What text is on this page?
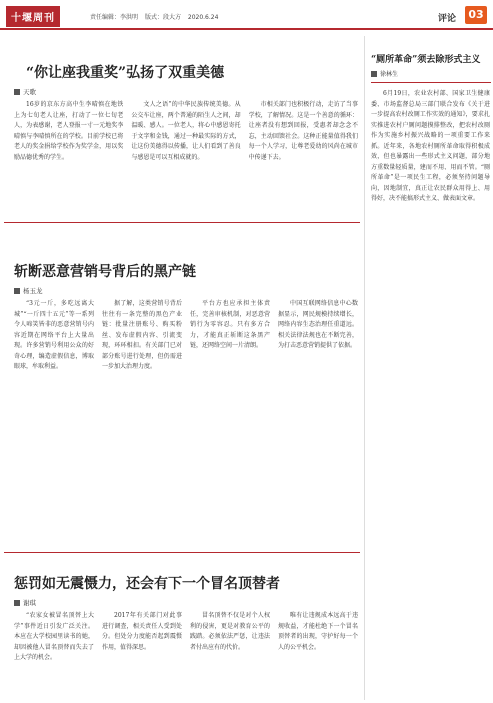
十堰周刊	责任编辑：李洪明 版式：段大方 2020.6.24	评论	03
“你让座我重奖”弘扬了双重美德
天歌

16岁的京东方高中生李晴慎在地铁上为七旬老人让座，打动了一位七旬老人，为表感谢，老人登报一寸一元地奖李晴慎与李晴慎所在的学校。目前学校已将老人的奖金捐给学校作为奖学金，用以奖励品德优秀的学生。

文人之语”的中华民族传统美德。从公交车让座，两个普通的陌生人之间，却温暖、感人。一位老人，将心中感恩寄托于文字和金钱，通过一种最实际的方式，让这份美德得以传播，让人们看到了善良与感恩是可以互相成就的。

市相关部门也积极行动，走访了当事学校，了解情况。这是一个善意的循环：让座者没有想到回报，受惠者却念念不忘，主动回馈社会。这种正能量值得我们每一个人学习，让尊老爱幼的风尚在城市中传递下去。

斩断恶意营销号背后的黑产链
杨玉龙

“3元一斤，多吃远离大城”“一斤四十五元”等一系列令人啼笑皆非的恶意营销号内容近期在网络平台上大量出现。许多营销号利用公众的好奇心理，编造虚假信息，博取眼球，牟取利益。

据了解，这类营销号背后往往有一条完整的黑色产业链：批量注册账号、购买粉丝、发布虚假内容、引流变现，环环相扣。有关部门已对部分账号进行处理，但仍需进一步加大治理力度。

平台方也应承担主体责任，完善审核机制，对恶意营销行为零容忍。只有多方合力，才能真正斩断这条黑产链，还网络空间一片清朗。

中国互联网络信息中心数据显示，网民规模持续增长，网络内容生态治理任重道远。相关法律法规也在不断完善，为打击恶意营销提供了依据。

惩罚如无震慑力，还会有下一个冒名顶替者
谢琪

“农家女被冒名顶替上大学”事件近日引发广泛关注。本应在大学校园里读书的她，却因被他人冒名顶替而失去了上大学的机会。

2017年有关部门对此事进行调查，相关责任人受到处分。但处分力度能否起到震慑作用，值得深思。

冒名顶替不仅是对个人权利的侵害，更是对教育公平的践踏。必须依法严惩，让违法者付出应有的代价。

唯有让违规成本远高于违规收益，才能杜绝下一个冒名顶替者的出现，守护好每一个人的公平机会。

“厕所革命”须去除形式主义
徐林生

6月19日，农业农村部、国家卫生健康委、市场监督总局三部门联合发布《关于进一步提高农村改厕工作实效的通知》，要求扎实推进农村户厕问题摸排整改，把农村改厕作为实施乡村振兴战略的一项重要工作来抓。近年来，各地农村厕所革命取得积极成效，但也暴露出一些形式主义问题，部分地方重数量轻质量，建而不用、用而不管。“厕所革命”是一项民生工程，必须坚持问题导向，因地制宜，真正让农民群众用得上、用得好，决不能搞形式主义、做表面文章。
